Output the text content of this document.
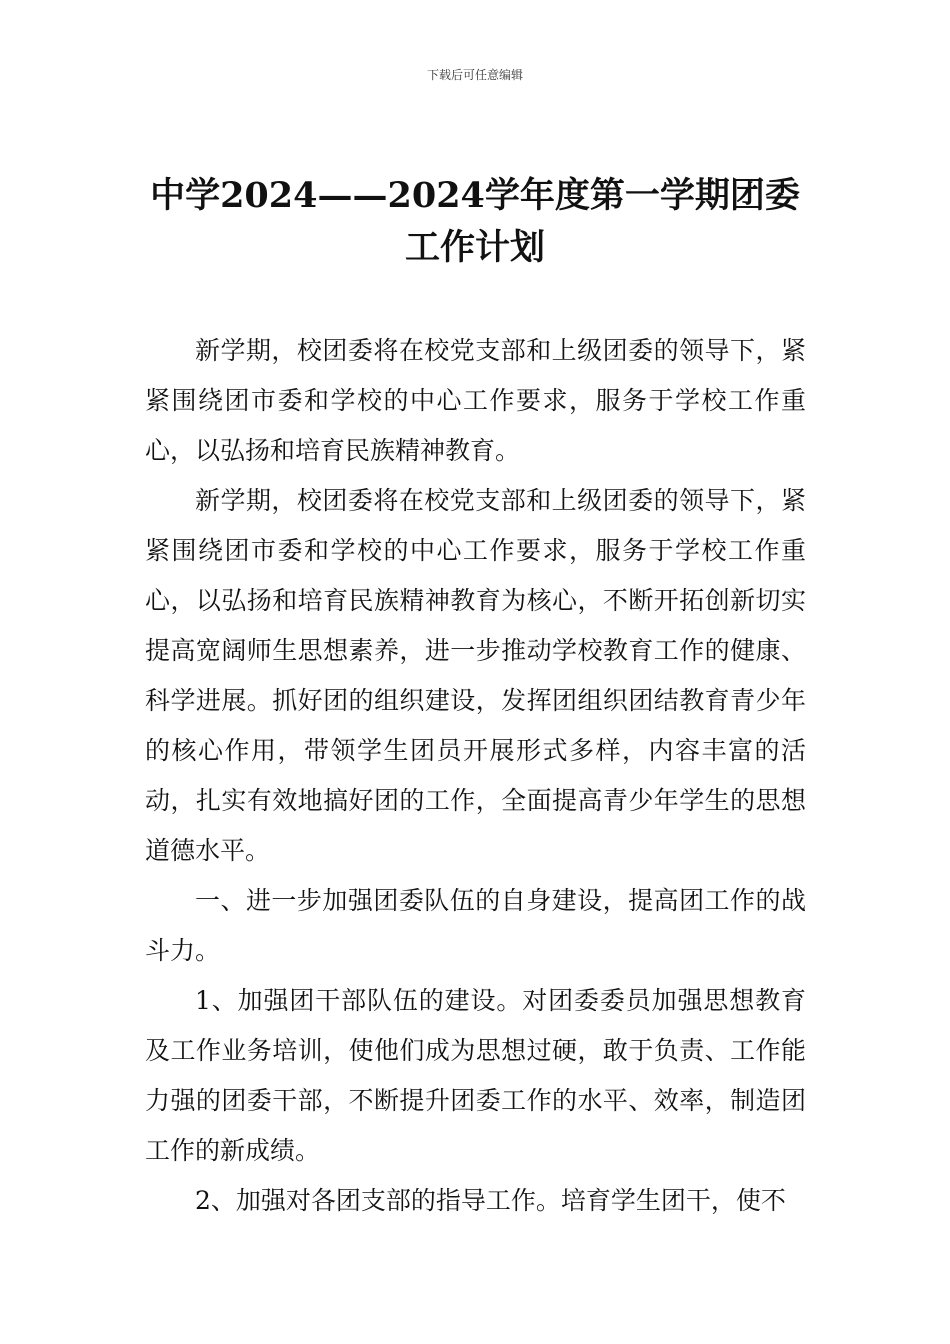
下载后可任意编辑
中学2024——2024学年度第一学期团委
工作计划

新学期，校团委将在校党支部和上级团委的领导下，紧紧围绕团市委和学校的中心工作要求，服务于学校工作重心，以弘扬和培育民族精神教育。

新学期，校团委将在校党支部和上级团委的领导下，紧紧围绕团市委和学校的中心工作要求，服务于学校工作重心，以弘扬和培育民族精神教育为核心，不断开拓创新切实提高宽阔师生思想素养，进一步推动学校教育工作的健康、科学进展。抓好团的组织建设，发挥团组织团结教育青少年的核心作用，带领学生团员开展形式多样，内容丰富的活动，扎实有效地搞好团的工作，全面提高青少年学生的思想道德水平。

一、进一步加强团委队伍的自身建设，提高团工作的战斗力。

1、加强团干部队伍的建设。对团委委员加强思想教育及工作业务培训，使他们成为思想过硬，敢于负责、工作能力强的团委干部，不断提升团委工作的水平、效率，制造团工作的新成绩。

2、加强对各团支部的指导工作。培育学生团干，使不
